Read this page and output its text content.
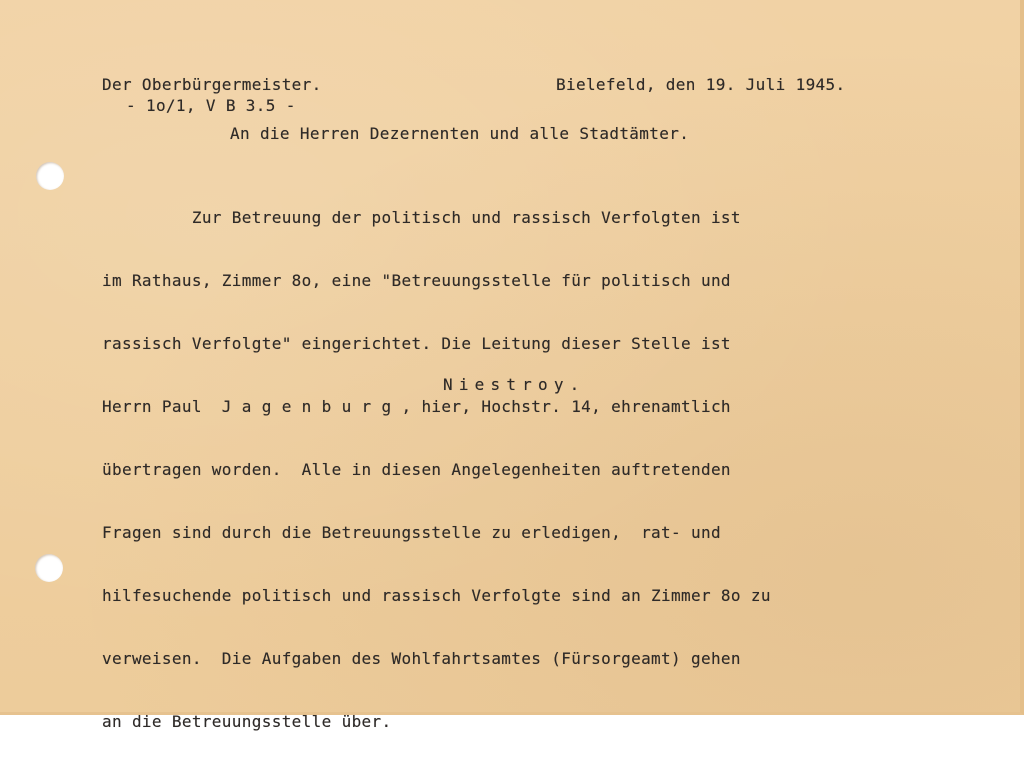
Der Oberbürgermeister.
- 1o/1, V B 3.5 -
Bielefeld, den 19. Juli 1945.
An die Herren Dezernenten und alle Stadtämter.

Zur Betreuung der politisch und rassisch Verfolgten ist

im Rathaus, Zimmer 8o, eine "Betreuungsstelle für politisch und

rassisch Verfolgte" eingerichtet. Die Leitung dieser Stelle ist

Herrn Paul  J a g e n b u r g , hier, Hochstr. 14, ehrenamtlich

übertragen worden.  Alle in diesen Angelegenheiten auftretenden

Fragen sind durch die Betreuungsstelle zu erledigen,  rat- und

hilfesuchende politisch und rassisch Verfolgte sind an Zimmer 8o zu

verweisen.  Die Aufgaben des Wohlfahrtsamtes (Fürsorgeamt) gehen

an die Betreuungsstelle über.

Niestroy.
